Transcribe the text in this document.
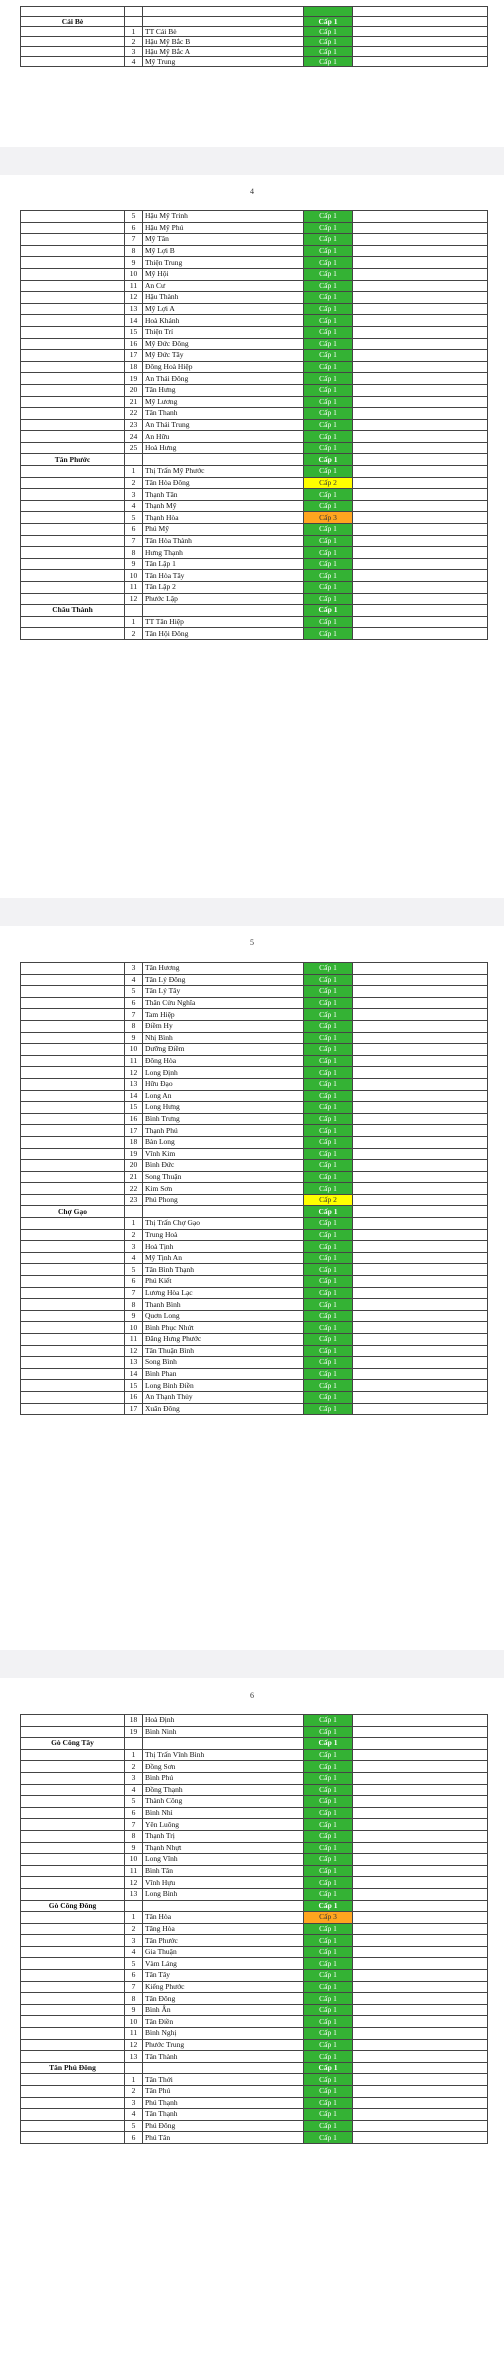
4
5
6

Cái Bè			Cấp 1	
	1	TT Cái Bè	Cấp 1	
	2	Hậu Mỹ Bắc B	Cấp 1	
	3	Hậu Mỹ Bắc A	Cấp 1	
	4	Mỹ Trung	Cấp 1	
	5	Hậu Mỹ Trinh	Cấp 1	
	6	Hậu Mỹ Phú	Cấp 1	
	7	Mỹ Tân	Cấp 1	
	8	Mỹ Lợi B	Cấp 1	
	9	Thiện Trung	Cấp 1	
	10	Mỹ Hội	Cấp 1	
	11	An Cư	Cấp 1	
	12	Hậu Thành	Cấp 1	
	13	Mỹ Lợi A	Cấp 1	
	14	Hoà Khánh	Cấp 1	
	15	Thiện Trí	Cấp 1	
	16	Mỹ Đức Đông	Cấp 1	
	17	Mỹ Đức Tây	Cấp 1	
	18	Đông Hoà Hiệp	Cấp 1	
	19	An Thái Đông	Cấp 1	
	20	Tân Hưng	Cấp 1	
	21	Mỹ Lương	Cấp 1	
	22	Tân Thanh	Cấp 1	
	23	An Thái Trung	Cấp 1	
	24	An Hữu	Cấp 1	
	25	Hoà Hưng	Cấp 1	
Tân Phước			Cấp 1	
	1	Thị Trấn Mỹ Phước	Cấp 1	
	2	Tân Hòa Đông	Cấp 2	
	3	Thạnh Tân	Cấp 1	
	4	Thạnh Mỹ	Cấp 1	
	5	Thạnh Hòa	Cấp 3	
	6	Phú Mỹ	Cấp 1	
	7	Tân Hòa Thành	Cấp 1	
	8	Hưng Thạnh	Cấp 1	
	9	Tân Lập 1	Cấp 1	
	10	Tân Hòa Tây	Cấp 1	
	11	Tân Lập 2	Cấp 1	
	12	Phước Lập	Cấp 1	
Châu Thành			Cấp 1	
	1	TT Tân Hiệp	Cấp 1	
	2	Tân Hội Đông	Cấp 1	
	3	Tân Hương	Cấp 1	
	4	Tân Lý Đông	Cấp 1	
	5	Tân Lý Tây	Cấp 1	
	6	Thân Cửu Nghĩa	Cấp 1	
	7	Tam Hiệp	Cấp 1	
	8	Điềm Hy	Cấp 1	
	9	Nhị Bình	Cấp 1	
	10	Dưỡng Điềm	Cấp 1	
	11	Đông Hòa	Cấp 1	
	12	Long Định	Cấp 1	
	13	Hữu Đạo	Cấp 1	
	14	Long An	Cấp 1	
	15	Long Hưng	Cấp 1	
	16	Bình Trưng	Cấp 1	
	17	Thạnh Phú	Cấp 1	
	18	Bàn Long	Cấp 1	
	19	Vĩnh Kim	Cấp 1	
	20	Bình Đức	Cấp 1	
	21	Song Thuận	Cấp 1	
	22	Kim Sơn	Cấp 1	
	23	Phú Phong	Cấp 2	
Chợ Gạo			Cấp 1	
	1	Thị Trấn Chợ Gạo	Cấp 1	
	2	Trung Hoà	Cấp 1	
	3	Hoà Tịnh	Cấp 1	
	4	Mỹ Tịnh An	Cấp 1	
	5	Tân Bình Thạnh	Cấp 1	
	6	Phú Kiết	Cấp 1	
	7	Lương Hòa Lạc	Cấp 1	
	8	Thanh Bình	Cấp 1	
	9	Quơn Long	Cấp 1	
	10	Bình Phục Nhứt	Cấp 1	
	11	Đăng Hưng Phước	Cấp 1	
	12	Tân Thuận Bình	Cấp 1	
	13	Song Bình	Cấp 1	
	14	Bình Phan	Cấp 1	
	15	Long Bình Điền	Cấp 1	
	16	An Thạnh Thủy	Cấp 1	
	17	Xuân Đông	Cấp 1	
	18	Hoà Định	Cấp 1	
	19	Bình Ninh	Cấp 1	
Gò Công Tây			Cấp 1	
	1	Thị Trấn Vĩnh Bình	Cấp 1	
	2	Đồng Sơn	Cấp 1	
	3	Bình Phú	Cấp 1	
	4	Đồng Thạnh	Cấp 1	
	5	Thành Công	Cấp 1	
	6	Bình Nhì	Cấp 1	
	7	Yên Luông	Cấp 1	
	8	Thạnh Trị	Cấp 1	
	9	Thạnh Nhựt	Cấp 1	
	10	Long Vĩnh	Cấp 1	
	11	Bình Tân	Cấp 1	
	12	Vĩnh Hựu	Cấp 1	
	13	Long Bình	Cấp 1	
Gò Công Đông			Cấp 1	
	1	Tân Hòa	Cấp 3	
	2	Tăng Hòa	Cấp 1	
	3	Tân Phước	Cấp 1	
	4	Gia Thuận	Cấp 1	
	5	Vàm Láng	Cấp 1	
	6	Tân Tây	Cấp 1	
	7	Kiểng Phước	Cấp 1	
	8	Tân Đông	Cấp 1	
	9	Bình Ân	Cấp 1	
	10	Tân Điền	Cấp 1	
	11	Bình Nghị	Cấp 1	
	12	Phước Trung	Cấp 1	
	13	Tân Thành	Cấp 1	
Tân Phú Đông			Cấp 1	
	1	Tân Thới	Cấp 1	
	2	Tân Phú	Cấp 1	
	3	Phú Thạnh	Cấp 1	
	4	Tân Thạnh	Cấp 1	
	5	Phú Đông	Cấp 1	
	6	Phú Tân	Cấp 1	
